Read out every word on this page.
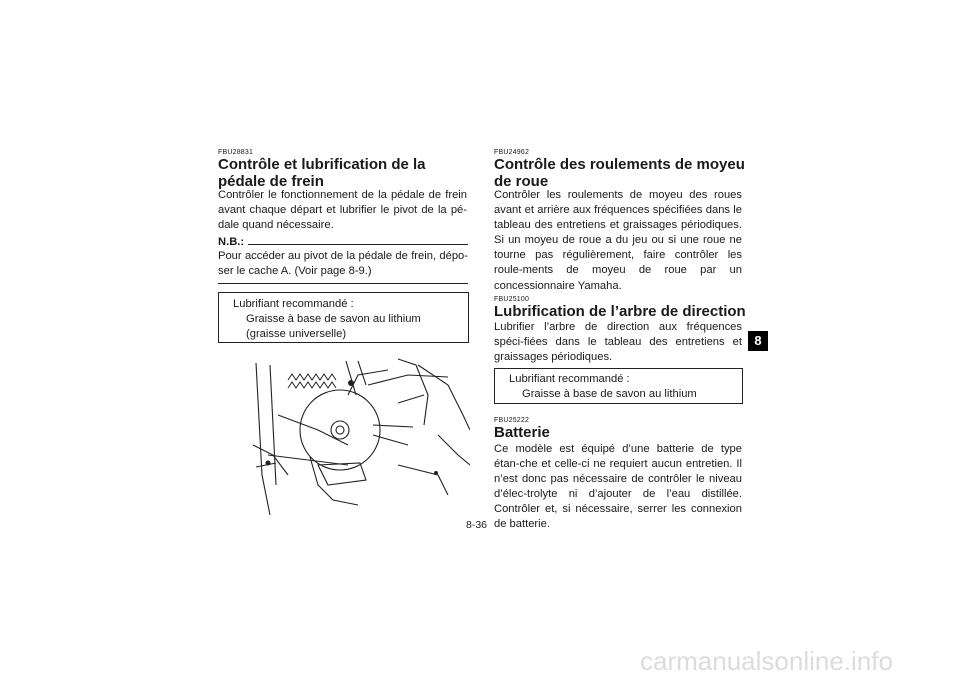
FBU28831
Contrôle et lubrification de la pédale de frein
Contrôler le fonctionnement de la pédale de frein avant chaque départ et lubrifier le pivot de la pé-dale quand nécessaire.
N.B.:
Pour accéder au pivot de la pédale de frein, dépo-ser le cache A. (Voir page 8-9.)
Lubrifiant recommandé :
Graisse à base de savon au lithium (graisse universelle)
FBU24962
Contrôle des roulements de moyeu de roue
Contrôler les roulements de moyeu des roues avant et arrière aux fréquences spécifiées dans le tableau des entretiens et graissages périodiques. Si un moyeu de roue a du jeu ou si une roue ne tourne pas régulièrement, faire contrôler les roule-ments de moyeu de roue par un concessionnaire Yamaha.
FBU25100
Lubrification de l’arbre de direction
Lubrifier l’arbre de direction aux fréquences spéci-fiées dans le tableau des entretiens et graissages périodiques.
Lubrifiant recommandé :
Graisse à base de savon au lithium
FBU25222
Batterie
Ce modèle est équipé d’une batterie de type étan-che et celle-ci ne requiert aucun entretien. Il n’est donc pas nécessaire de contrôler le niveau d’élec-trolyte ni d’ajouter de l’eau distillée. Contrôler et, si nécessaire, serrer les connexion de batterie.
8
8-36
carmanualsonline.info
